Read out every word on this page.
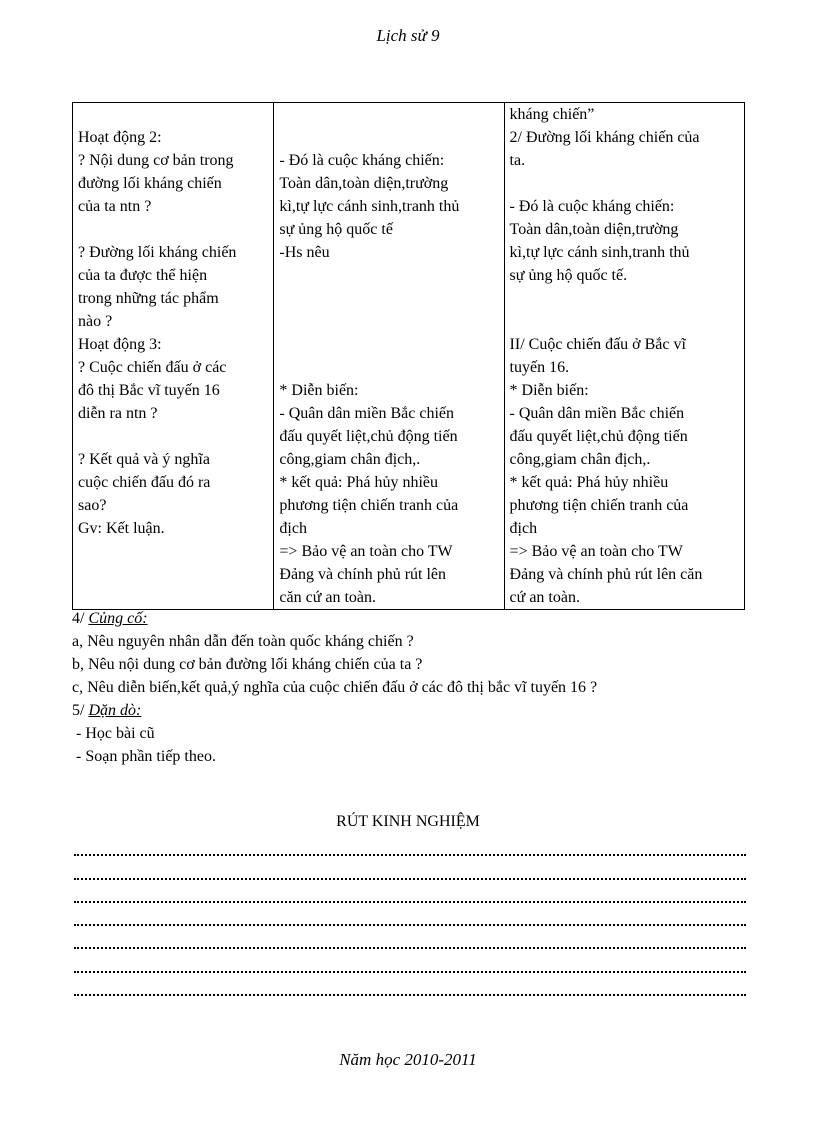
Lịch sử 9
Hoạt động 2:
? Nội dung cơ bản trong
đường lối kháng chiến
của ta ntn ?
? Đường lối kháng chiến
của ta được thể hiện
trong những tác phẩm
nào ?
Hoạt động 3:
? Cuộc chiến đấu ở các
đô thị Bắc vĩ tuyến 16
diễn ra ntn ?
? Kết quả và ý nghĩa
cuộc chiến đấu đó ra
sao?
Gv: Kết luận.

- Đó là cuộc kháng chiến:
Toàn dân,toàn diện,trường
kì,tự lực cánh sinh,tranh thủ
sự ủng hộ quốc tế
-Hs nêu
* Diễn biến:
- Quân dân miền Bắc chiến
đấu quyết liệt,chủ động tiến
công,giam chân địch,.
* kết quả: Phá hủy nhiều
phương tiện chiến tranh của
địch
=> Bảo vệ an toàn cho TW
Đảng và chính phủ rút lên
căn cứ an toàn.

kháng chiến”
2/ Đường lối kháng chiến của
ta.
- Đó là cuộc kháng chiến:
Toàn dân,toàn diện,trường
kì,tự lực cánh sinh,tranh thủ
sự ủng hộ quốc tế.
II/ Cuộc chiến đấu ở Bắc vĩ
tuyến 16.
* Diễn biến:
- Quân dân miền Bắc chiến
đấu quyết liệt,chủ động tiến
công,giam chân địch,.
* kết quả: Phá hủy nhiều
phương tiện chiến tranh của
địch
=> Bảo vệ an toàn cho TW
Đảng và chính phủ rút lên căn
cứ an toàn.
4/ Củng cố:
a, Nêu nguyên nhân dẫn đến toàn quốc kháng chiến ?
b, Nêu nội dung cơ bản đường lối kháng chiến của ta ?
c, Nêu diễn biến,kết quả,ý nghĩa của cuộc chiến đấu ở các đô thị bắc vĩ tuyến 16 ?
5/ Dặn dò:
- Học bài cũ
- Soạn phần tiếp theo.
RÚT KINH NGHIỆM
Năm học 2010-2011
